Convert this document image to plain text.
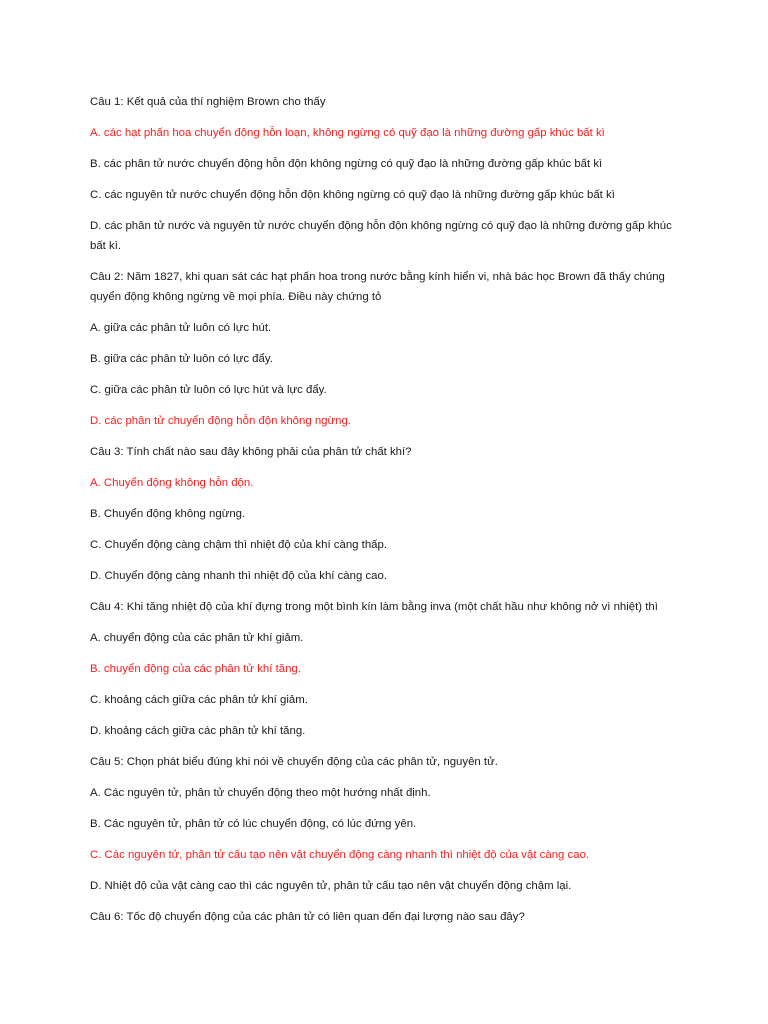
Câu 1: Kết quả của thí nghiệm Brown cho thấy

A. các hạt phấn hoa chuyển động hỗn loạn, không ngừng có quỹ đạo là những đường gấp khúc bất kì

B. các phân tử nước chuyển động hỗn độn không ngừng có quỹ đạo là những đường gấp khúc bất kì

C. các nguyên tử nước chuyển động hỗn độn không ngừng có quỹ đạo là những đường gấp khúc bất kì

D. các phân tử nước và nguyên tử nước chuyển động hỗn độn không ngừng có quỹ đạo là những đường gấp khúc bất kì.

Câu 2: Năm 1827, khi quan sát các hạt phấn hoa trong nước bằng kính hiển vi, nhà bác học Brown đã thấy chúng quyển động không ngừng về mọi phía. Điều này chứng tỏ

A. giữa các phân tử luôn có lực hút.

B. giữa các phân tử luôn có lực đẩy.

C. giữa các phân tử luôn có lực hút và lực đẩy.

D. các phân tử chuyển động hỗn độn không ngừng.

Câu 3: Tính chất nào sau đây không phải của phân tử chất khí?

A. Chuyển động không hỗn độn.

B. Chuyển động không ngừng.

C. Chuyển động càng chậm thì nhiệt độ của khí càng thấp.

D. Chuyển động càng nhanh thì nhiệt độ của khí càng cao.

Câu 4: Khi tăng nhiệt độ của khí đựng trong một bình kín làm bằng inva (một chất hầu như không nở vì nhiệt) thì

A. chuyển động của các phân tử khí giảm.

B. chuyển động của các phân tử khí tăng.

C. khoảng cách giữa các phân tử khí giảm.

D. khoảng cách giữa các phân tử khí tăng.

Câu 5: Chọn phát biểu đúng khi nói về chuyển động của các phân tử, nguyên tử.

A. Các nguyên tử, phân tử chuyển động theo một hướng nhất định.

B. Các nguyên tử, phân tử có lúc chuyển động, có lúc đứng yên.

C. Các nguyên tử, phân tử cấu tạo nên vật chuyển động càng nhanh thì nhiệt độ của vật càng cao.

D. Nhiệt độ của vật càng cao thì các nguyên tử, phân tử cấu tạo nên vật chuyển động chậm lại.

Câu 6: Tốc độ chuyển động của các phân tử có liên quan đến đại lượng nào sau đây?
